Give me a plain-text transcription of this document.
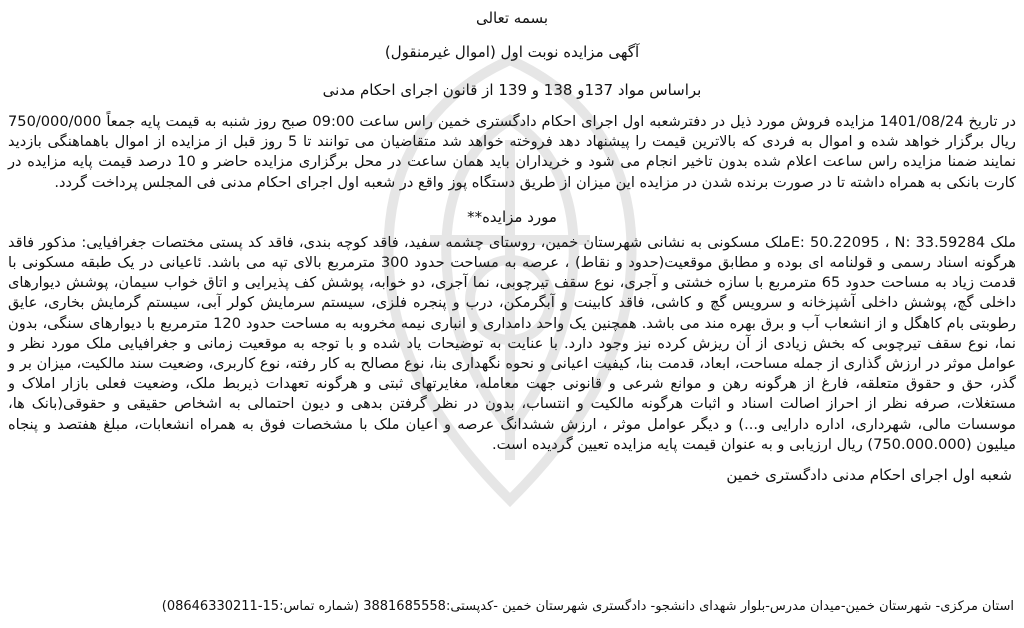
بسمه تعالی

آگهی مزایده نوبت اول (اموال غیرمنقول)

براساس مواد 137و 138 و 139 از قانون اجرای احکام مدنی

در تاریخ 1401/08/24 مزایده فروش مورد ذیل در دفترشعبه اول اجرای احکام دادگستری خمین راس ساعت 09:00 صبح روز شنبه به قیمت پایه جمعاً 750/000/000 ریال برگزار خواهد شده و اموال به فردی که بالاترین قیمت را پیشنهاد دهد فروخته خواهد شد متقاضیان می توانند تا 5 روز قبل از مزایده از اموال باهماهنگی بازدید نمایند ضمنا مزایده راس ساعت اعلام شده بدون تاخیر انجام می شود و خریداران باید همان ساعت در محل برگزاری مزایده حاضر و 10 درصد قیمت پایه مزایده در کارت بانکی به همراه داشته تا در صورت برنده شدن در مزایده این میزان از طریق دستگاه پوز واقع در شعبه اول اجرای احکام مدنی فی المجلس پرداخت گردد.

مورد مزایده**

ملک E: 50.22095 ، N: 33.59284ملک مسکونی به نشانی شهرستان خمین، روستای چشمه سفید، فاقد کوچه بندی، فاقد کد پستی مختصات جغرافیایی: مذکور فاقد هرگونه اسناد رسمی و قولنامه ای بوده و مطابق موقعیت(حدود و نقاط) ، عرصه به مساحت حدود 300 مترمربع بالای تپه می باشد. ئاعیانی در یک طبقه مسکونی با قدمت زیاد به مساحت حدود 65 مترمربع با سازه خشتی و آجری، نوع سقف تیرچوبی، نما آجری، دو خوابه، پوشش کف پذیرایی و اتاق خواب سیمان، پوشش دیوارهای داخلی گچ، پوشش داخلی آشپزخانه و سرویس گچ و کاشی، فاقد کابینت و آبگرمکن، درب و پنجره فلزی، سیستم سرمایش کولر آبی، سیستم گرمایش بخاری، عایق رطوبتی بام کاهگل و از انشعاب آب و برق بهره مند می باشد. همچنین یک واحد دامداری و انباری نیمه مخروبه به مساحت حدود 120 مترمربع با دیوارهای سنگی، بدون نما، نوع سقف تیرچوبی که بخش زیادی از آن ریزش کرده نیز وجود دارد. با عنایت به توضیحات یاد شده و با توجه به موقعیت زمانی و جغرافیایی ملک مورد نظر و عوامل موثر در ارزش گذاری از جمله مساحت، ابعاد، قدمت بنا، کیفیت اعیانی و نحوه نگهداری بنا، نوع مصالح به کار رفته، نوع کاربری، وضعیت سند مالکیت، میزان بر و گذر، حق و حقوق متعلقه، فارغ از هرگونه رهن و موانع شرعی و قانونی جهت معامله، مغایرتهای ثبتی و هرگونه تعهدات ذیربط ملک، وضعیت فعلی بازار املاک و مستغلات، صرفه نظر از احراز اصالت اسناد و اثبات هرگونه مالکیت و انتساب، بدون در نظر گرفتن بدهی و دیون احتمالی به اشخاص حقیقی و حقوقی(بانک ها، موسسات مالی، شهرداری، اداره دارایی و...) و دیگر عوامل موثر ، ارزش ششدانگ عرصه و اعیان ملک با مشخصات فوق به همراه انشعابات، مبلغ هفتصد و پنجاه میلیون (750.000.000) ریال ارزیابی و به عنوان قیمت پایه مزایده تعیین گردیده است.

شعبه اول اجرای احکام مدنی دادگستری خمین

استان مرکزی- شهرستان خمین-میدان مدرس-بلوار شهدای دانشجو- دادگستری شهرستان خمین -کدپستی:3881685558 (شماره تماس:15-08646330211)
